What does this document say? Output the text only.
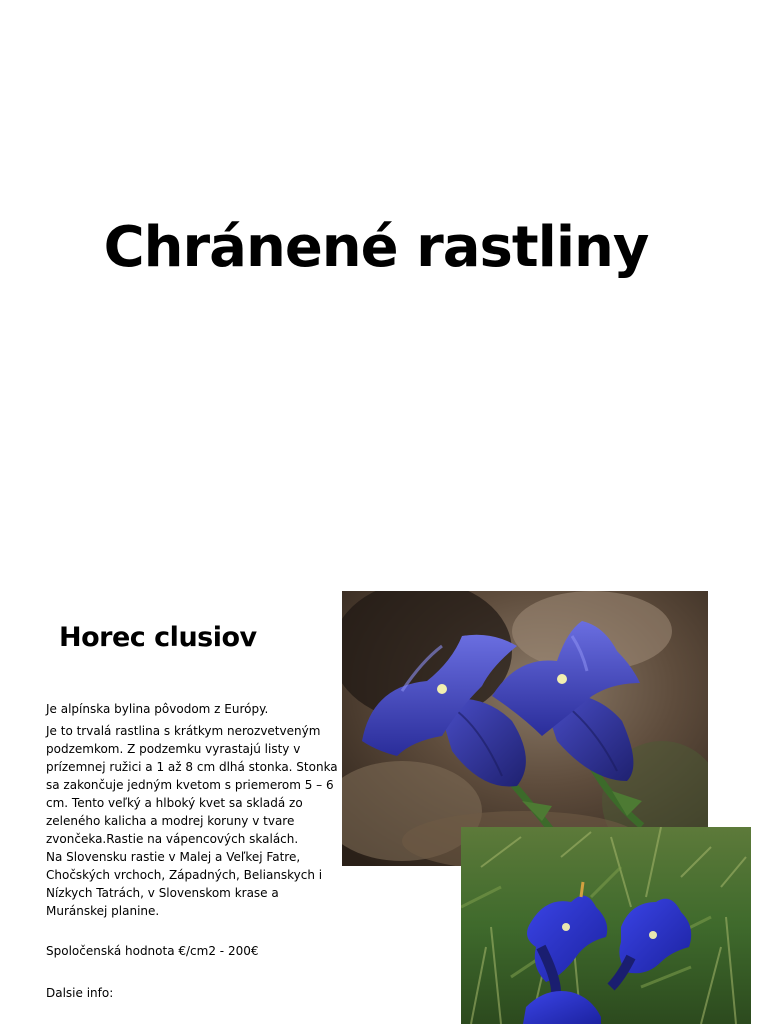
Chránené rastliny
Horec clusiov

Je alpínska bylina pôvodom z Európy.

Je to trvalá rastlina s krátkym nerozvetveným podzemkom. Z podzemku vyrastajú listy v prízemnej ružici a 1 až 8 cm dlhá stonka. Stonka sa zakončuje jedným kvetom s priemerom 5 – 6 cm. Tento veľký a hlboký kvet sa skladá zo zeleného kalicha a modrej koruny v tvare zvončeka.Rastie na vápencových skalách.

Na Slovensku rastie v Malej a Veľkej Fatre, Chočských vrchoch, Západných, Belianskych i Nízkych Tatrách, v Slovenskom krase a Muránskej planine.

Spoločenská hodnota €/cm2 - 200€

Dalsie info:
